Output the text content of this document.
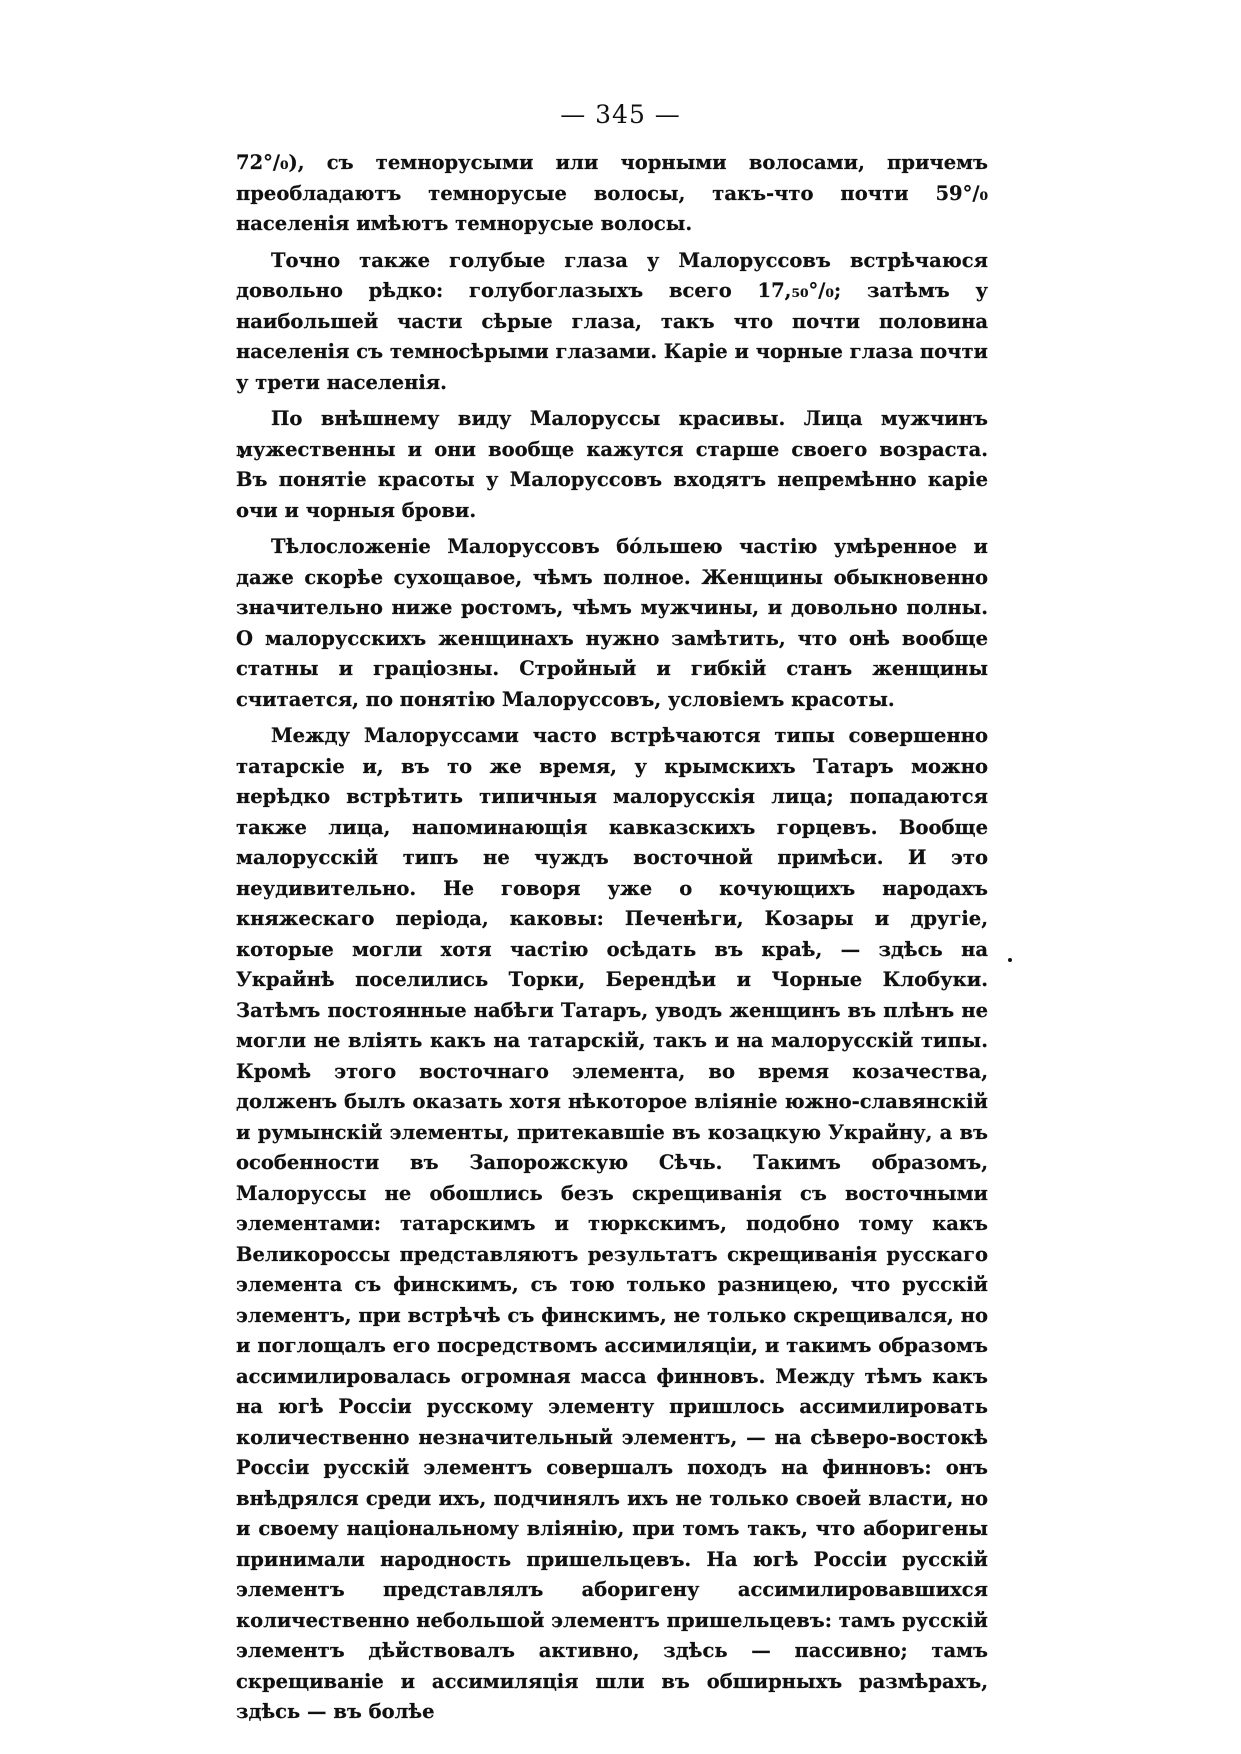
— 345 —

72°/₀), съ темнорусыми или чорными волосами, причемъ преобладаютъ темнорусые волосы, такъ-что почти 59°/₀ населенія имѣютъ темнорусые волосы.

Точно также голубые глаза у Малоруссовъ встрѣчаюся довольно рѣдко: голубоглазыхъ всего 17,₅₀°/₀; затѣмъ у наибольшей части сѣрые глаза, такъ что почти половина населенія съ темносѣрыми глазами. Каріе и чорные глаза почти у трети населенія.

По внѣшнему виду Малоруссы красивы. Лица мужчинъ мужественны и они вообще кажутся старше своего возраста. Въ понятіе красоты у Малоруссовъ входятъ непремѣнно каріе очи и чорныя брови.

Тѣлосложеніе Малоруссовъ бо́льшею частію умѣренное и даже скорѣе сухощавое, чѣмъ полное. Женщины обыкновенно значительно ниже ростомъ, чѣмъ мужчины, и довольно полны. О малорусскихъ женщинахъ нужно замѣтить, что онѣ вообще статны и граціозны. Стройный и гибкій станъ женщины считается, по понятію Малоруссовъ, условіемъ красоты.

Между Малоруссами часто встрѣчаются типы совершенно татарскіе и, въ то же время, у крымскихъ Татаръ можно нерѣдко встрѣтить типичныя малорусскія лица; попадаются также лица, напоминающія кавказскихъ горцевъ. Вообще малорусскій типъ не чуждъ восточной примѣси. И это неудивительно. Не говоря уже о кочующихъ народахъ княжескаго періода, каковы: Печенѣги, Козары и другіе, которые могли хотя частію осѣдать въ краѣ, — здѣсь на Украйнѣ поселились Торки, Берендѣи и Чорные Клобуки. Затѣмъ постоянные набѣги Татаръ, уводъ женщинъ въ плѣнъ не могли не вліять какъ на татарскій, такъ и на малорусскій типы. Кромѣ этого восточнаго элемента, во время козачества, долженъ былъ оказать хотя нѣкоторое вліяніе южно-славянскій и румынскій элементы, притекавшіе въ козацкую Украйну, а въ особенности въ Запорожскую Сѣчь. Такимъ образомъ, Малоруссы не обошлись безъ скрещиванія съ восточными элементами: татарскимъ и тюркскимъ, подобно тому какъ Великороссы представляютъ результатъ скрещиванія русскаго элемента съ финскимъ, съ тою только разницею, что русскій элементъ, при встрѣчѣ съ финскимъ, не только скрещивался, но и поглощалъ его посредствомъ ассимиляціи, и такимъ образомъ ассимилировалась огромная масса финновъ. Между тѣмъ какъ на югѣ Россіи русскому элементу пришлось ассимилировать количественно незначительный элементъ, — на сѣверо-востокѣ Россіи русскій элементъ совершалъ походъ на финновъ: онъ внѣдрялся среди ихъ, подчинялъ ихъ не только своей власти, но и своему національному вліянію, при томъ такъ, что аборигены принимали народность пришельцевъ. На югѣ Россіи русскій элементъ представлялъ аборигену ассимилировавшихся количественно небольшой элементъ пришельцевъ: тамъ русскій элементъ дѣйствовалъ активно, здѣсь — пассивно; тамъ скрещиваніе и ассимиляція шли въ обширныхъ размѣрахъ, здѣсь — въ болѣе
